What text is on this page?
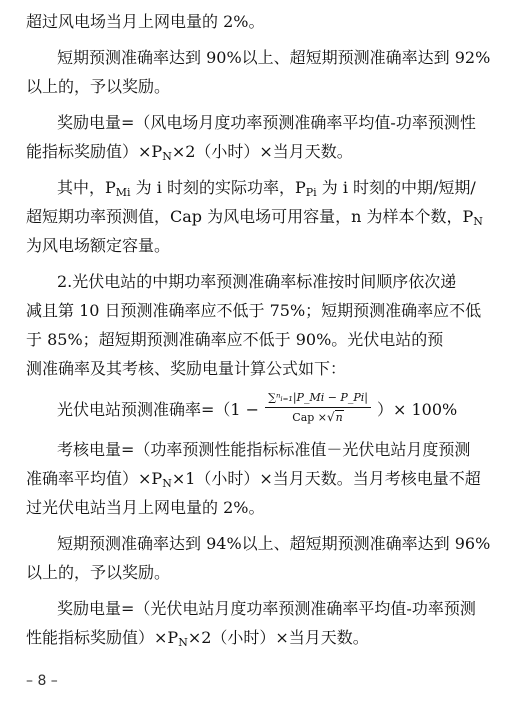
超过风电场当月上网电量的 2%。
短期预测准确率达到 90%以上、超短期预测准确率达到 92%
以上的，予以奖励。
奖励电量=（风电场月度功率预测准确率平均值-功率预测性
能指标奖励值）$\times P_N\times 2$（小时）×当月天数。
其中，$P_{Mi}$ 为 i 时刻的实际功率，$P_{Pi}$ 为 i 时刻的中期/短期/
超短期功率预测值，Cap 为风电场可用容量，n 为样本个数，$P_N$
为风电场额定容量。
2.光伏电站的中期功率预测准确率标准按时间顺序依次递
减且第 10 日预测准确率应不低于 75%；短期预测准确率应不低
于 85%；超短期预测准确率应不低于 90%。光伏电站的预
测准确率及其考核、奖励电量计算公式如下：
光伏电站预测准确率$=(1 - \frac{\text{∑ⁿᵢ₌₁|P\_Mi − P\_Pi|}}{\text{Cap ×√n}}$ ）× 100%
考核电量=（功率预测性能指标标准值－光伏电站月度预测
准确率平均值）$\times P_N\times 1$（小时）×当月天数。当月考核电量不超
过光伏电站当月上网电量的 2%。
短期预测准确率达到 94%以上、超短期预测准确率达到 96%
以上的，予以奖励。
奖励电量=（光伏电站月度功率预测准确率平均值-功率预测
性能指标奖励值）$\times P_N\times 2$（小时）×当月天数。
– 8 –
